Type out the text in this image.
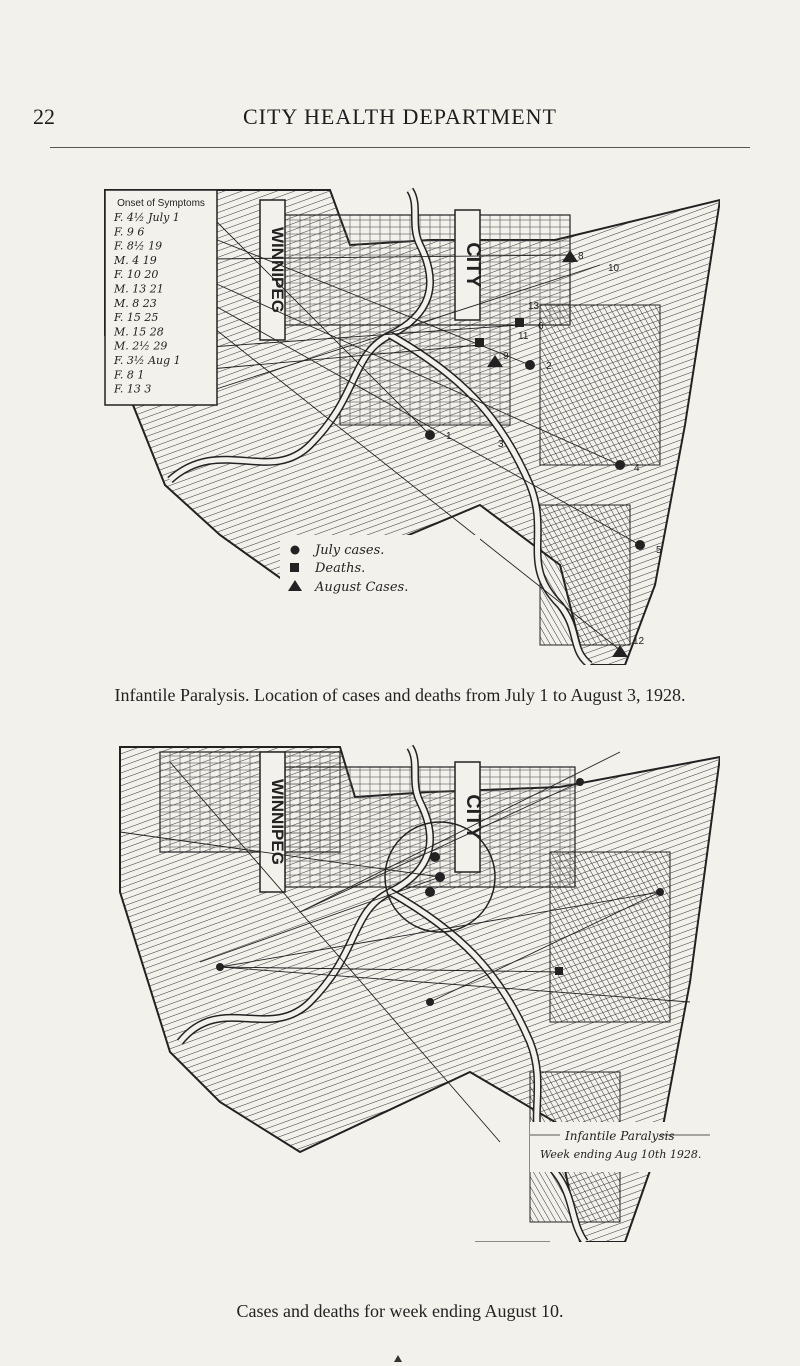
22	CITY HEALTH DEPARTMENT
WINNIPEG	CITY
Onset of Symptoms
F. 4½ July 1
F. 9 6
F. 8½ 19
M. 4 19
F. 10 20
M. 13 21
M. 8 23
F. 15 25
M. 15 28
M. 2½ 29
F. 3½ Aug 1
F. 8 1
F. 13 3
1
2
3
4
5
6
7
8
9
10
11
12
13
July cases.
Deaths.
August Cases.
Infantile Paralysis. Location of cases and deaths from July 1 to August 3, 1928.
WINNIPEG	CITY
Infantile Paralysis
Week ending Aug 10th 1928.
Cases and deaths for week ending August 10.
